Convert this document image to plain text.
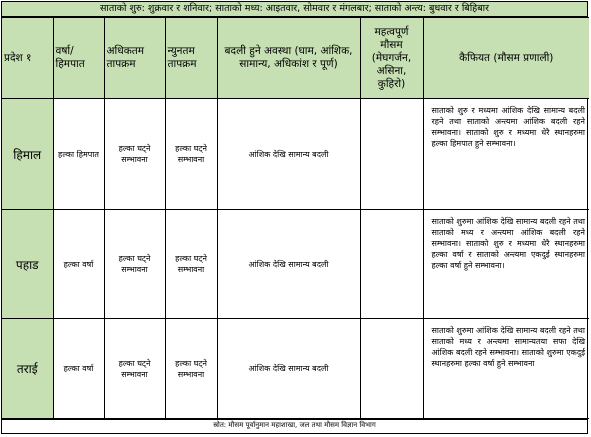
साताको शुरु: शुक्रवार र शनिवार; साताको मध्य: आइतवार, सोमवार र मंगलबार; साताको अन्त्य: बुधवार र बिहिबार
प्रदेश १	वर्षा/ हिमपात	अधिकतम तापक्रम	न्युनतम तापक्रम	बदली हुने अवस्था (घाम, आंशिक, सामान्य, अधिकांश र पूर्ण)	महत्वपूर्ण मौसम (मेघगर्जन, असिना, कुहिरो)	कैफियत (मौसम प्रणाली)
हिमाल	हल्का हिमपात	हल्का घट्ने सम्भावना	हल्का घट्ने सम्भावना	आंशिक देखि सामान्य बदली		साताको शुरु र मध्यमा आंशिक देखि सामान्य बदली रहने तथा साताको अन्त्यमा आंशिक बदली रहने सम्भावना। साताको शुरु र मध्यमा धेरै स्थानहरुमा हल्का हिमपात हुने सम्भावना।

पहाड	हल्का वर्षा	हल्का घट्ने सम्भावना	हल्का घट्ने सम्भावना	आंशिक देखि सामान्य बदली		साताको शुरुमा आंशिक देखि सामान्य बदली रहने तथा साताको मध्य र अन्त्यमा आंशिक बदली रहने सम्भावना। साताको शुरु र मध्यमा धेरै स्थानहरुमा हल्का वर्षा र साताको अन्त्यमा एकदुई स्थानहरुमा हल्का वर्षा हुने सम्भावना।

तराई	हल्का वर्षा	हल्का घट्ने सम्भावना	हल्का घट्ने सम्भावना	आंशिक देखि सामान्य बदली		साताको शुरुमा आंशिक देखि सामान्य बदली रहने तथा साताको मध्य र अन्त्यमा सामान्यतया सफा देखि आंशिक बदली रहने सम्भावना। साताको शुरुमा एकदुई स्थानहरुमा हल्का वर्षा हुने सम्भावना
स्रोत: मौसम पूर्वानुमान महाशाखा, जल तथा मौसम विज्ञान विभाग
